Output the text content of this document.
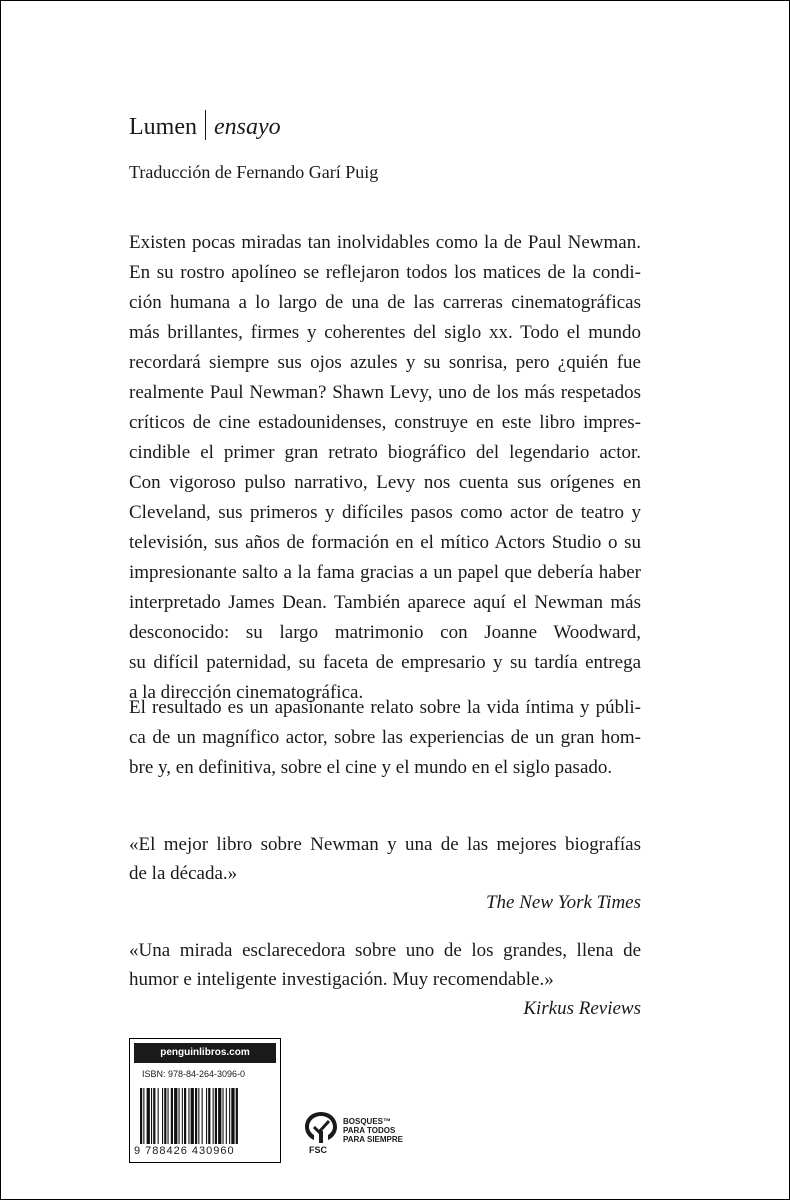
Lumen ensayo
Traducción de Fernando Garí Puig

Existen pocas miradas tan inolvidables como la de Paul Newman.
En su rostro apolíneo se reflejaron todos los matices de la condi-
ción humana a lo largo de una de las carreras cinematográficas
más brillantes, firmes y coherentes del siglo xx. Todo el mundo
recordará siempre sus ojos azules y su sonrisa, pero ¿quién fue
realmente Paul Newman? Shawn Levy, uno de los más respetados
críticos de cine estadounidenses, construye en este libro impres-
cindible el primer gran retrato biográfico del legendario actor.
Con vigoroso pulso narrativo, Levy nos cuenta sus orígenes en
Cleveland, sus primeros y difíciles pasos como actor de teatro y
televisión, sus años de formación en el mítico Actors Studio o su
impresionante salto a la fama gracias a un papel que debería haber
interpretado James Dean. También aparece aquí el Newman más
desconocido: su largo matrimonio con Joanne Woodward,
su difícil paternidad, su faceta de empresario y su tardía entrega
a la dirección cinematográfica.

El resultado es un apasionante relato sobre la vida íntima y públi-
ca de un magnífico actor, sobre las experiencias de un gran hom-
bre y, en definitiva, sobre el cine y el mundo en el siglo pasado.

«El mejor libro sobre Newman y una de las mejores biografías
de la década.»
The New York Times
«Una mirada esclarecedora sobre uno de los grandes, llena de
humor e inteligente investigación. Muy recomendable.»
Kirkus Reviews
penguinlibros.com
ISBN: 978-84-264-3096-0
9 788426 430960	FSC
BOSQUES™
PARA TODOS
PARA SIEMPRE
